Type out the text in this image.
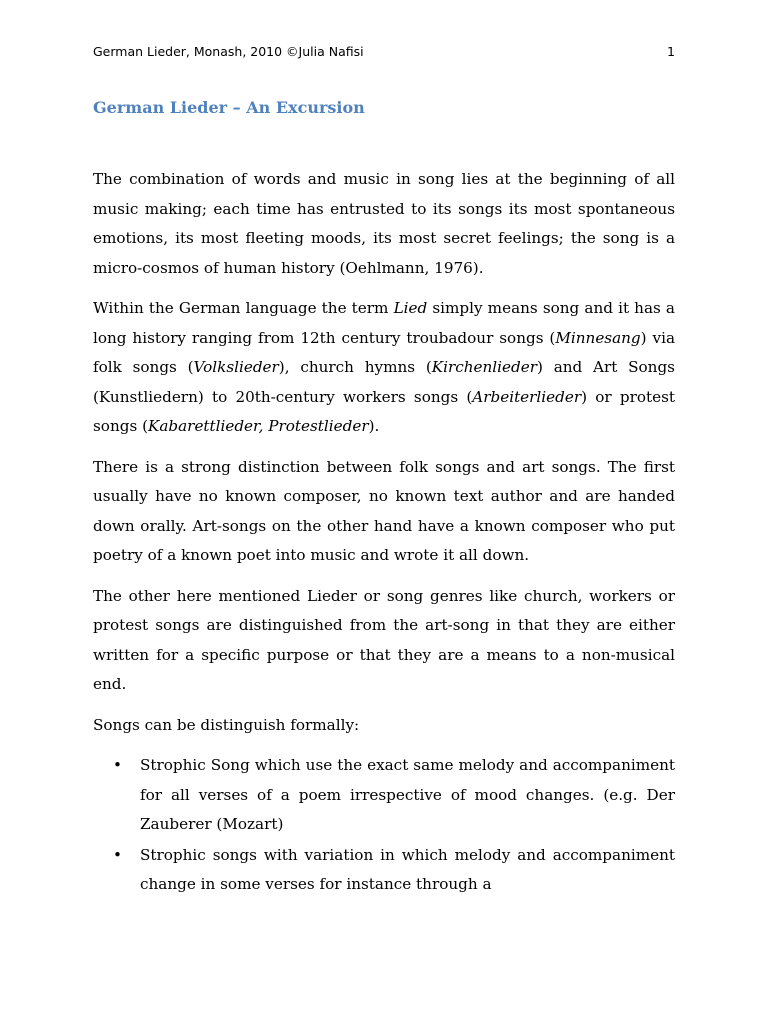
German Lieder, Monash, 2010 ©Julia Nafisi	1
German Lieder – An Excursion

The combination of words and music in song lies at the beginning of all music making; each time has entrusted to its songs its most spontaneous emotions, its most fleeting moods, its most secret feelings; the song is a micro-cosmos of human history (Oehlmann, 1976).

Within the German language the term Lied simply means song and it has a long history ranging from 12th century troubadour songs (Minnesang) via folk songs (Volkslieder), church hymns (Kirchenlieder) and Art Songs (Kunstliedern) to 20th-century workers songs (Arbeiterlieder) or protest songs (Kabarettlieder, Protestlieder).

There is a strong distinction between folk songs and art songs. The first usually have no known composer, no known text author and are handed down orally. Art-songs on the other hand have a known composer who put poetry of a known poet into music and wrote it all down.

The other here mentioned Lieder or song genres like church, workers or protest songs are distinguished from the art-song in that they are either written for a specific purpose or that they are a means to a non-musical end.

Songs can be distinguish formally:

• Strophic Song which use the exact same melody and accompaniment for all verses of a poem irrespective of mood changes. (e.g. Der Zauberer (Mozart)
• Strophic songs with variation in which melody and accompaniment change in some verses for instance through a
